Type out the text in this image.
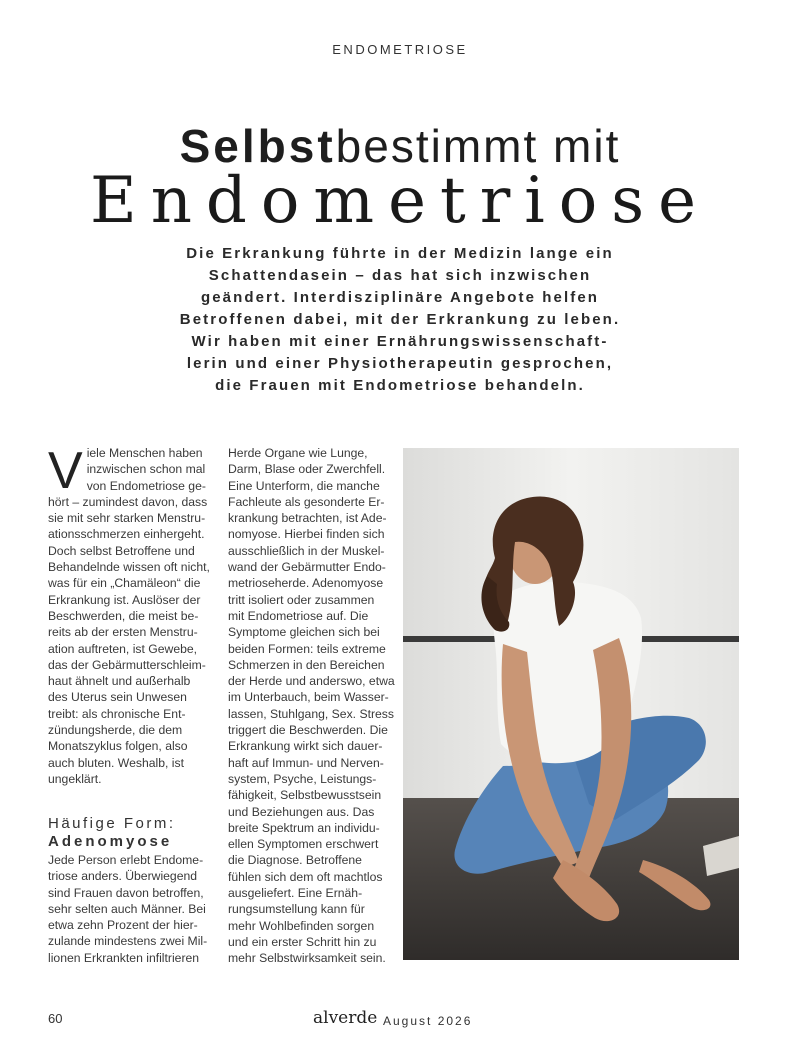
ENDOMETRIOSE
Selbstbestimmt mit
Endometriose

Die Erkrankung führte in der Medizin lange ein
Schattendasein – das hat sich inzwischen
geändert. Interdisziplinäre Angebote helfen
Betroffenen dabei, mit der Erkrankung zu leben.
Wir haben mit einer Ernährungswissenschaft-
lerin und einer Physiotherapeutin gesprochen,
die Frauen mit Endometriose behandeln.

V iele Menschen haben
inzwischen schon mal
von Endometriose ge-
hört – zumindest davon, dass
sie mit sehr starken Menstru-
ationsschmerzen einhergeht.
Doch selbst Betroffene und
Behandelnde wissen oft nicht,
was für ein „Chamäleon“ die
Erkrankung ist. Auslöser der
Beschwerden, die meist be-
reits ab der ersten Menstru-
ation auftreten, ist Gewebe,
das der Gebärmutterschleim-
haut ähnelt und außerhalb
des Uterus sein Unwesen
treibt: als chronische Ent-
zündungsherde, die dem
Monatszyklus folgen, also
auch bluten. Weshalb, ist
ungeklärt.
Häufige Form:
Adenomyose
Jede Person erlebt Endome-
triose anders. Überwiegend
sind Frauen davon betroffen,
sehr selten auch Männer. Bei
etwa zehn Prozent der hier-
zulande mindestens zwei Mil-
lionen Erkrankten infiltrieren
Herde Organe wie Lunge,
Darm, Blase oder Zwerchfell.
Eine Unterform, die manche
Fachleute als gesonderte Er-
krankung betrachten, ist Ade-
nomyose. Hierbei finden sich
ausschließlich in der Muskel-
wand der Gebärmutter Endo-
metrioseherde. Adenomyose
tritt isoliert oder zusammen
mit Endometriose auf. Die
Symptome gleichen sich bei
beiden Formen: teils extreme
Schmerzen in den Bereichen
der Herde und anderswo, etwa
im Unterbauch, beim Wasser-
lassen, Stuhlgang, Sex. Stress
triggert die Beschwerden. Die
Erkrankung wirkt sich dauer-
haft auf Immun- und Nerven-
system, Psyche, Leistungs-
fähigkeit, Selbstbewusstsein
und Beziehungen aus. Das
breite Spektrum an individu-
ellen Symptomen erschwert
die Diagnose. Betroffene
fühlen sich dem oft machtlos
ausgeliefert. Eine Ernäh-
rungsumstellung kann für
mehr Wohlbefinden sorgen
und ein erster Schritt hin zu
mehr Selbstwirksamkeit sein.
60	alverde August 2026
